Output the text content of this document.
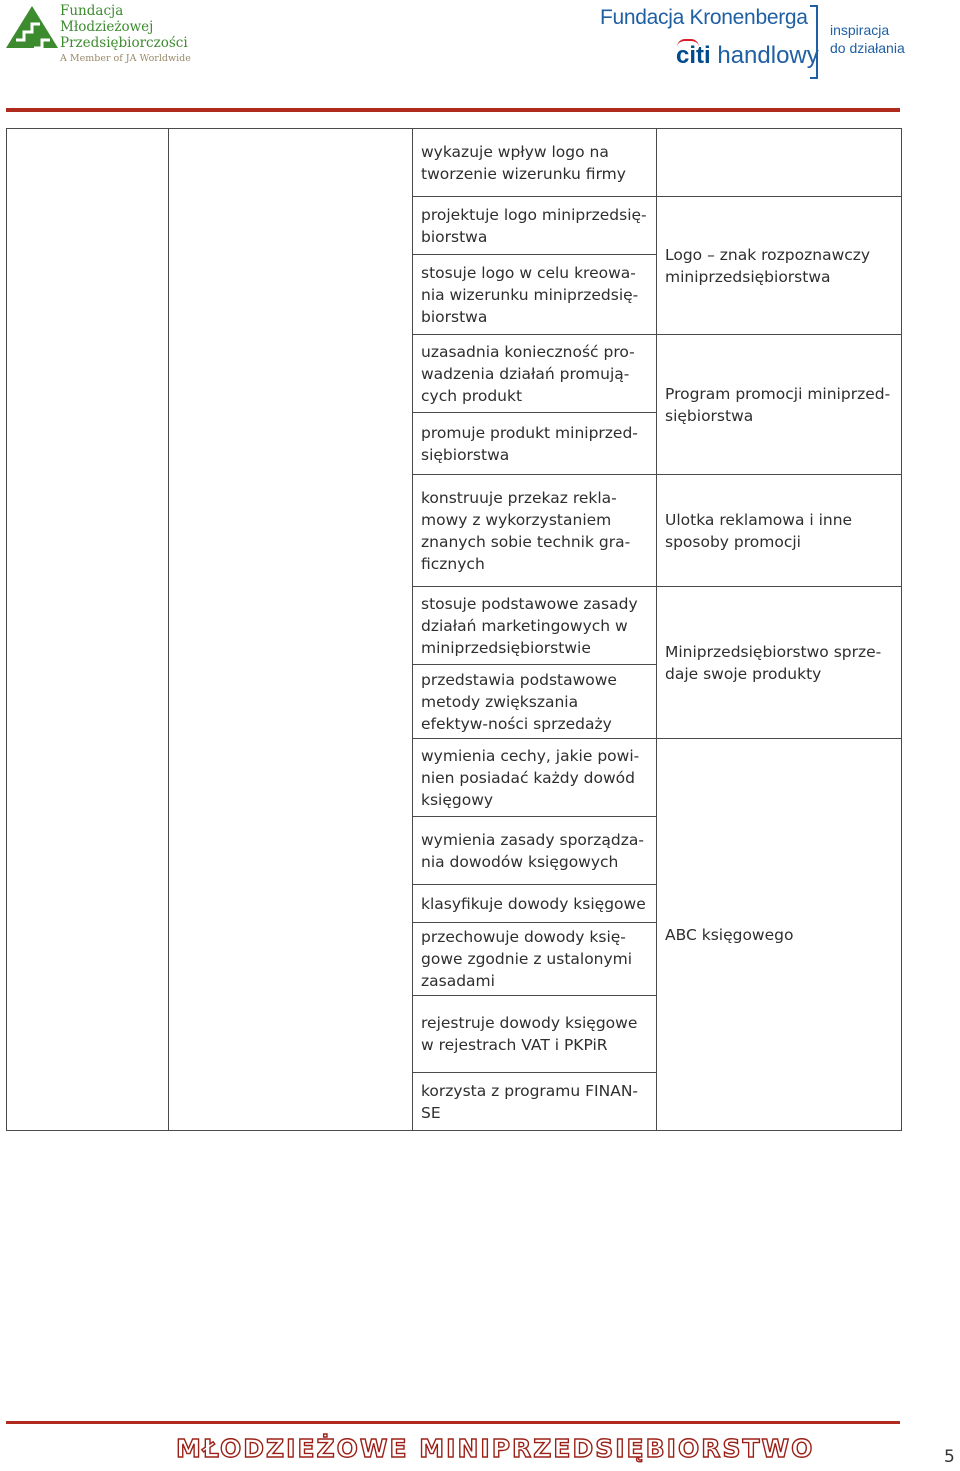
Fundacja
Młodzieżowej
Przedsiębiorczości
A Member of JA Worldwide
Fundacja Kronenberga
citi handlowy
inspiracja
do działania
		wykazuje wpływ logo na tworzenie wizerunku firmy	
		projektuje logo miniprzedsię-biorstwa	Logo – znak rozpoznawczy miniprzedsiębiorstwa
		stosuje logo w celu kreowa-nia wizerunku miniprzedsię-biorstwa	
		uzasadnia konieczność pro-wadzenia działań promują-cych produkt	Program promocji miniprzed-siębiorstwa
		promuje produkt miniprzed-siębiorstwa	
		konstruuje przekaz rekla-mowy z wykorzystaniem znanych sobie technik gra-ficznych	Ulotka reklamowa i inne sposoby promocji
		stosuje podstawowe zasady działań marketingowych w miniprzedsiębiorstwie	Miniprzedsiębiorstwo sprze-daje swoje produkty
		przedstawia podstawowe metody zwiększania efektyw-ności sprzedaży	
		wymienia cechy, jakie powi-nien posiadać każdy dowód księgowy	ABC księgowego
		wymienia zasady sporządza-nia dowodów księgowych	
		klasyfikuje dowody księgowe	
		przechowuje dowody księ-gowe zgodnie z ustalonymi zasadami	
		rejestruje dowody księgowe w rejestrach VAT i PKPiR	
		korzysta z programu FINAN-SE	
MŁODZIEŻOWE MINIPRZEDSIĘBIORSTWO	5
